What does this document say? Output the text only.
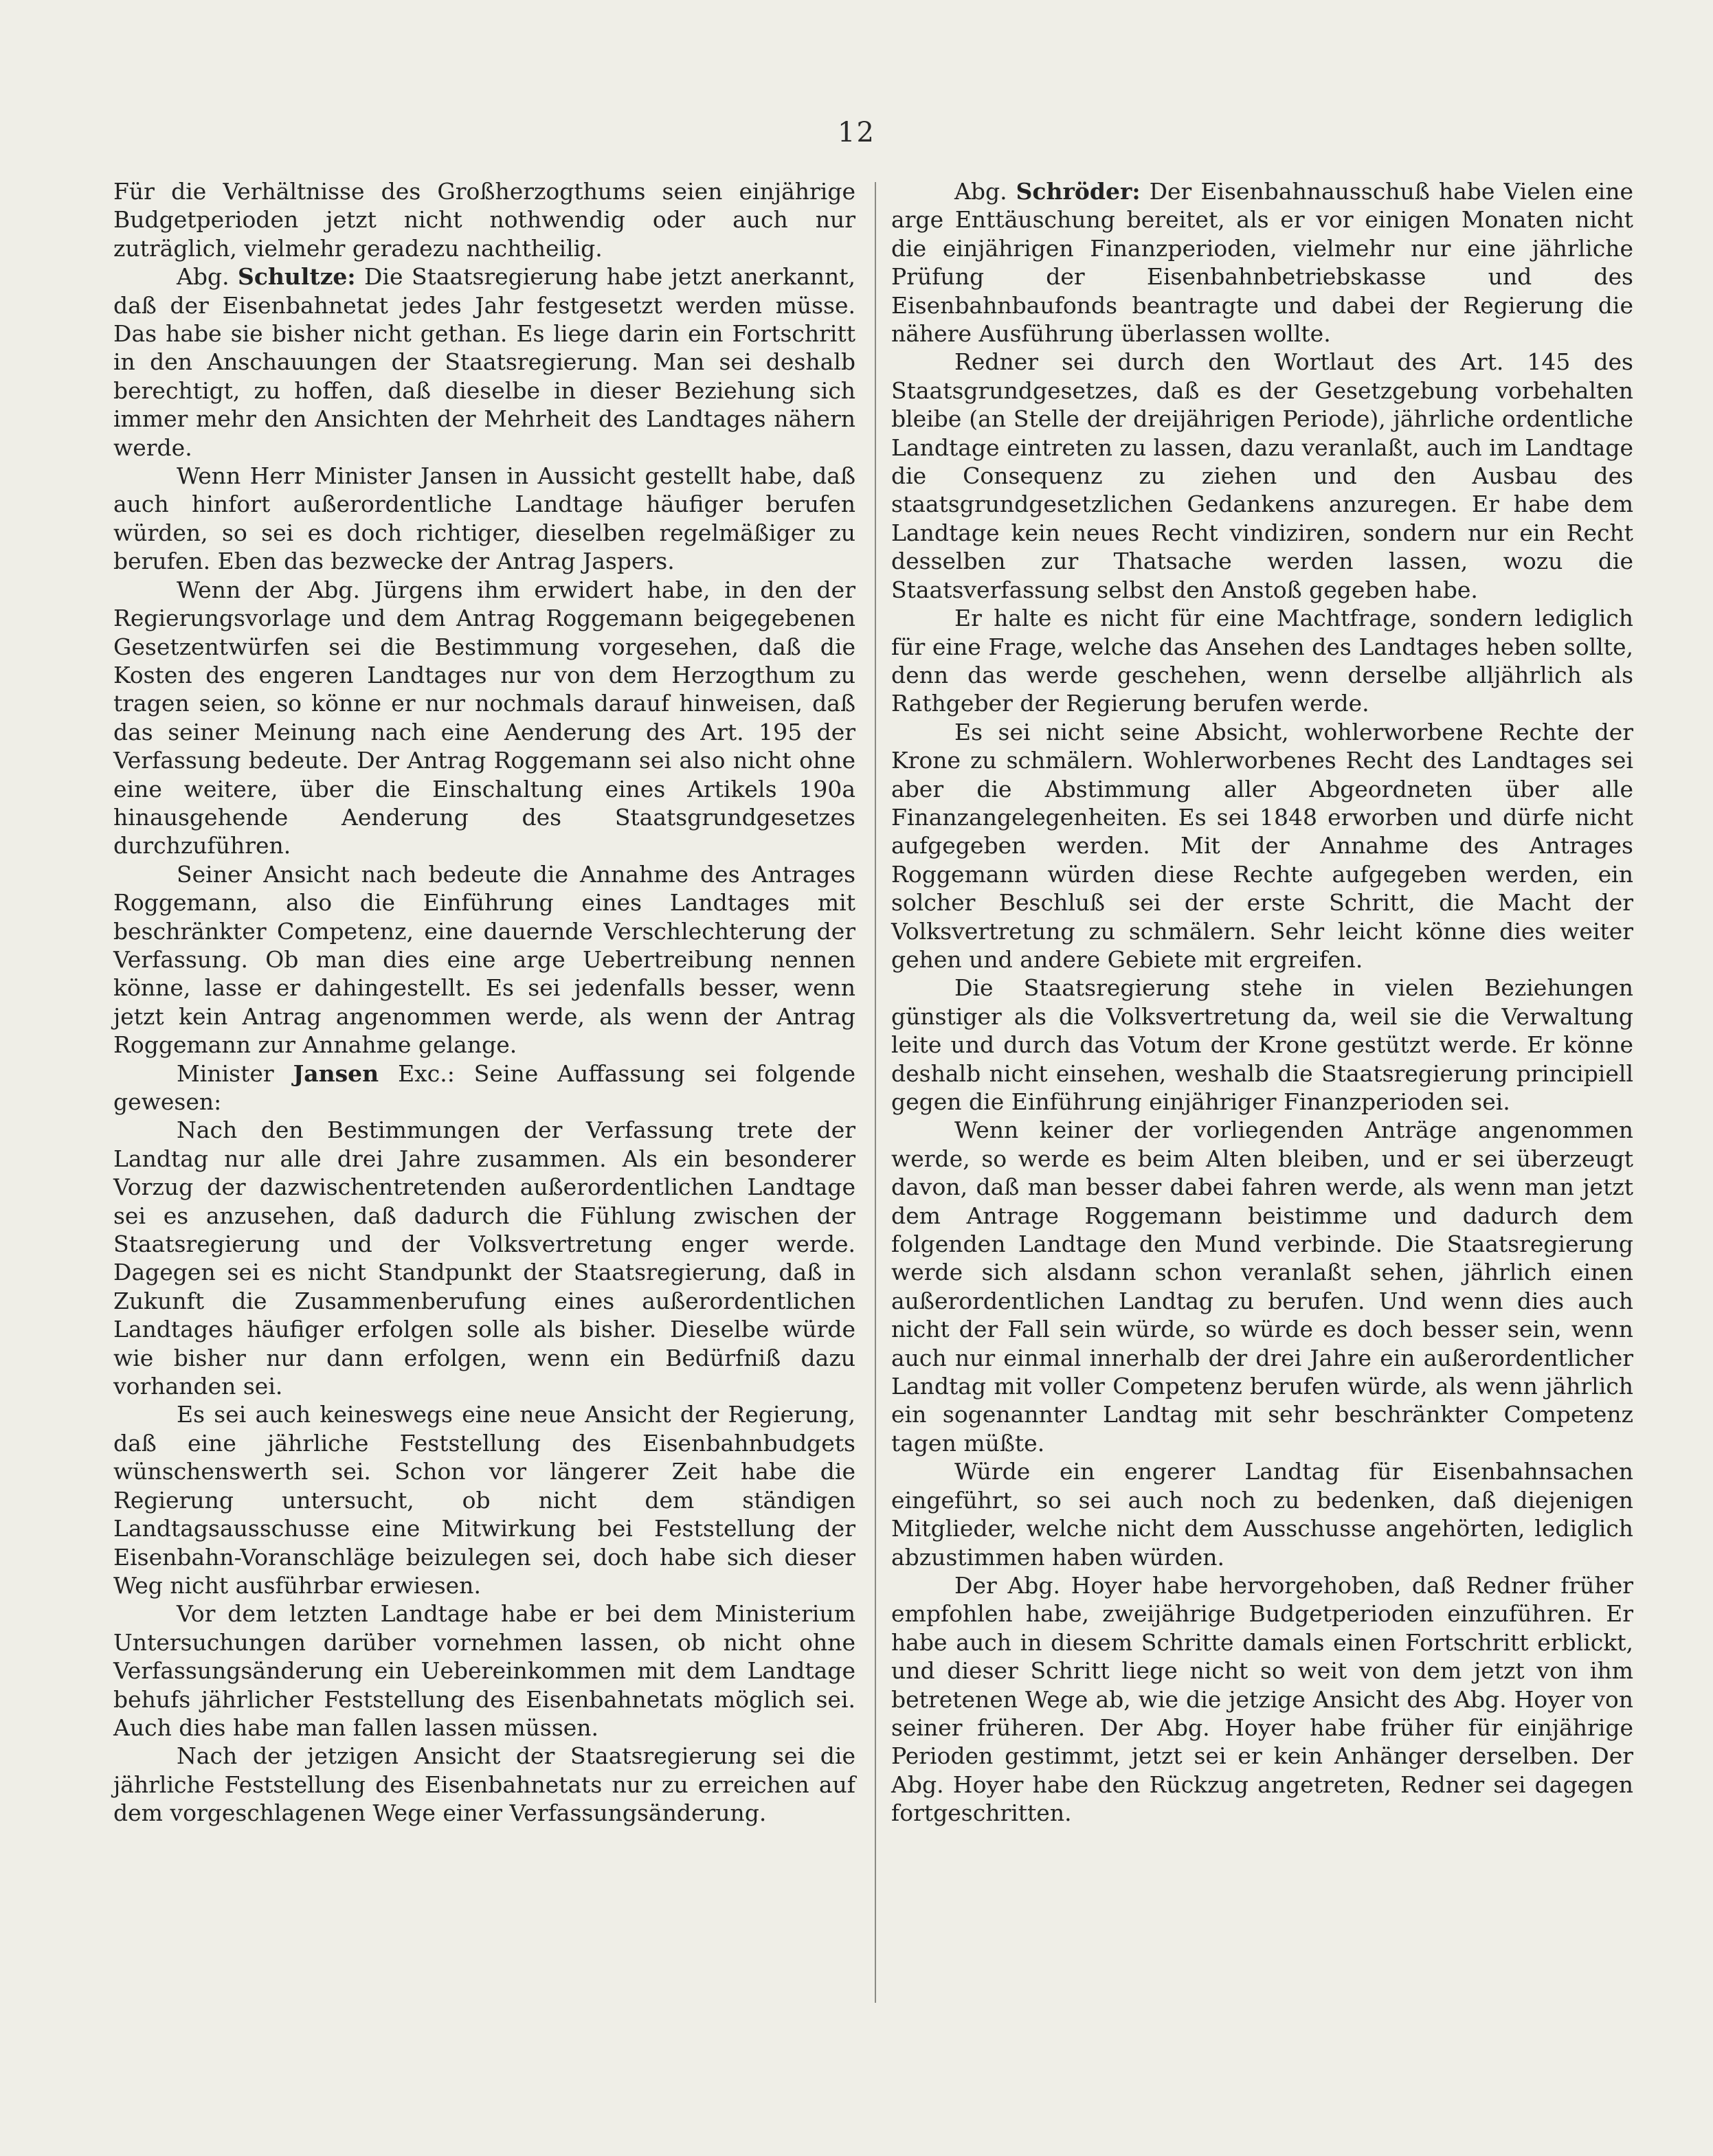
12

Für die Verhältnisse des Großherzogthums seien einjährige Budgetperioden jetzt nicht nothwendig oder auch nur zuträglich, vielmehr geradezu nachtheilig.

Abg. Schultze: Die Staatsregierung habe jetzt anerkannt, daß der Eisenbahnetat jedes Jahr festgesetzt werden müsse. Das habe sie bisher nicht gethan. Es liege darin ein Fortschritt in den Anschauungen der Staatsregierung. Man sei deshalb berechtigt, zu hoffen, daß dieselbe in dieser Beziehung sich immer mehr den Ansichten der Mehrheit des Landtages nähern werde.

Wenn Herr Minister Jansen in Aussicht gestellt habe, daß auch hinfort außerordentliche Landtage häufiger berufen würden, so sei es doch richtiger, dieselben regelmäßiger zu berufen. Eben das bezwecke der Antrag Jaspers.

Wenn der Abg. Jürgens ihm erwidert habe, in den der Regierungsvorlage und dem Antrag Roggemann beigegebenen Gesetzentwürfen sei die Bestimmung vorgesehen, daß die Kosten des engeren Landtages nur von dem Herzogthum zu tragen seien, so könne er nur nochmals darauf hinweisen, daß das seiner Meinung nach eine Aenderung des Art. 195 der Verfassung bedeute. Der Antrag Roggemann sei also nicht ohne eine weitere, über die Einschaltung eines Artikels 190a hinausgehende Aenderung des Staatsgrundgesetzes durchzuführen.

Seiner Ansicht nach bedeute die Annahme des Antrages Roggemann, also die Einführung eines Landtages mit beschränkter Competenz, eine dauernde Verschlechterung der Verfassung. Ob man dies eine arge Uebertreibung nennen könne, lasse er dahingestellt. Es sei jedenfalls besser, wenn jetzt kein Antrag angenommen werde, als wenn der Antrag Roggemann zur Annahme gelange.

Minister Jansen Exc.: Seine Auffassung sei folgende gewesen:

Nach den Bestimmungen der Verfassung trete der Landtag nur alle drei Jahre zusammen. Als ein besonderer Vorzug der dazwischentretenden außerordentlichen Landtage sei es anzusehen, daß dadurch die Fühlung zwischen der Staatsregierung und der Volksvertretung enger werde. Dagegen sei es nicht Standpunkt der Staatsregierung, daß in Zukunft die Zusammenberufung eines außerordentlichen Landtages häufiger erfolgen solle als bisher. Dieselbe würde wie bisher nur dann erfolgen, wenn ein Bedürfniß dazu vorhanden sei.

Es sei auch keineswegs eine neue Ansicht der Regierung, daß eine jährliche Feststellung des Eisenbahnbudgets wünschenswerth sei. Schon vor längerer Zeit habe die Regierung untersucht, ob nicht dem ständigen Landtagsausschusse eine Mitwirkung bei Feststellung der Eisenbahn-Voranschläge beizulegen sei, doch habe sich dieser Weg nicht ausführbar erwiesen.

Vor dem letzten Landtage habe er bei dem Ministerium Untersuchungen darüber vornehmen lassen, ob nicht ohne Verfassungsänderung ein Uebereinkommen mit dem Landtage behufs jährlicher Feststellung des Eisenbahnetats möglich sei. Auch dies habe man fallen lassen müssen.

Nach der jetzigen Ansicht der Staatsregierung sei die jährliche Feststellung des Eisenbahnetats nur zu erreichen auf dem vorgeschlagenen Wege einer Verfassungsänderung.

Abg. Schröder: Der Eisenbahnausschuß habe Vielen eine arge Enttäuschung bereitet, als er vor einigen Monaten nicht die einjährigen Finanzperioden, vielmehr nur eine jährliche Prüfung der Eisenbahnbetriebskasse und des Eisenbahnbaufonds beantragte und dabei der Regierung die nähere Ausführung überlassen wollte.

Redner sei durch den Wortlaut des Art. 145 des Staatsgrundgesetzes, daß es der Gesetzgebung vorbehalten bleibe (an Stelle der dreijährigen Periode), jährliche ordentliche Landtage eintreten zu lassen, dazu veranlaßt, auch im Landtage die Consequenz zu ziehen und den Ausbau des staatsgrundgesetzlichen Gedankens anzuregen. Er habe dem Landtage kein neues Recht vindiziren, sondern nur ein Recht desselben zur Thatsache werden lassen, wozu die Staatsverfassung selbst den Anstoß gegeben habe.

Er halte es nicht für eine Machtfrage, sondern lediglich für eine Frage, welche das Ansehen des Landtages heben sollte, denn das werde geschehen, wenn derselbe alljährlich als Rathgeber der Regierung berufen werde.

Es sei nicht seine Absicht, wohlerworbene Rechte der Krone zu schmälern. Wohlerworbenes Recht des Landtages sei aber die Abstimmung aller Abgeordneten über alle Finanzangelegenheiten. Es sei 1848 erworben und dürfe nicht aufgegeben werden. Mit der Annahme des Antrages Roggemann würden diese Rechte aufgegeben werden, ein solcher Beschluß sei der erste Schritt, die Macht der Volksvertretung zu schmälern. Sehr leicht könne dies weiter gehen und andere Gebiete mit ergreifen.

Die Staatsregierung stehe in vielen Beziehungen günstiger als die Volksvertretung da, weil sie die Verwaltung leite und durch das Votum der Krone gestützt werde. Er könne deshalb nicht einsehen, weshalb die Staatsregierung principiell gegen die Einführung einjähriger Finanzperioden sei.

Wenn keiner der vorliegenden Anträge angenommen werde, so werde es beim Alten bleiben, und er sei überzeugt davon, daß man besser dabei fahren werde, als wenn man jetzt dem Antrage Roggemann beistimme und dadurch dem folgenden Landtage den Mund verbinde. Die Staatsregierung werde sich alsdann schon veranlaßt sehen, jährlich einen außerordentlichen Landtag zu berufen. Und wenn dies auch nicht der Fall sein würde, so würde es doch besser sein, wenn auch nur einmal innerhalb der drei Jahre ein außerordentlicher Landtag mit voller Competenz berufen würde, als wenn jährlich ein sogenannter Landtag mit sehr beschränkter Competenz tagen müßte.

Würde ein engerer Landtag für Eisenbahnsachen eingeführt, so sei auch noch zu bedenken, daß diejenigen Mitglieder, welche nicht dem Ausschusse angehörten, lediglich abzustimmen haben würden.

Der Abg. Hoyer habe hervorgehoben, daß Redner früher empfohlen habe, zweijährige Budgetperioden einzuführen. Er habe auch in diesem Schritte damals einen Fortschritt erblickt, und dieser Schritt liege nicht so weit von dem jetzt von ihm betretenen Wege ab, wie die jetzige Ansicht des Abg. Hoyer von seiner früheren. Der Abg. Hoyer habe früher für einjährige Perioden gestimmt, jetzt sei er kein Anhänger derselben. Der Abg. Hoyer habe den Rückzug angetreten, Redner sei dagegen fortgeschritten.
